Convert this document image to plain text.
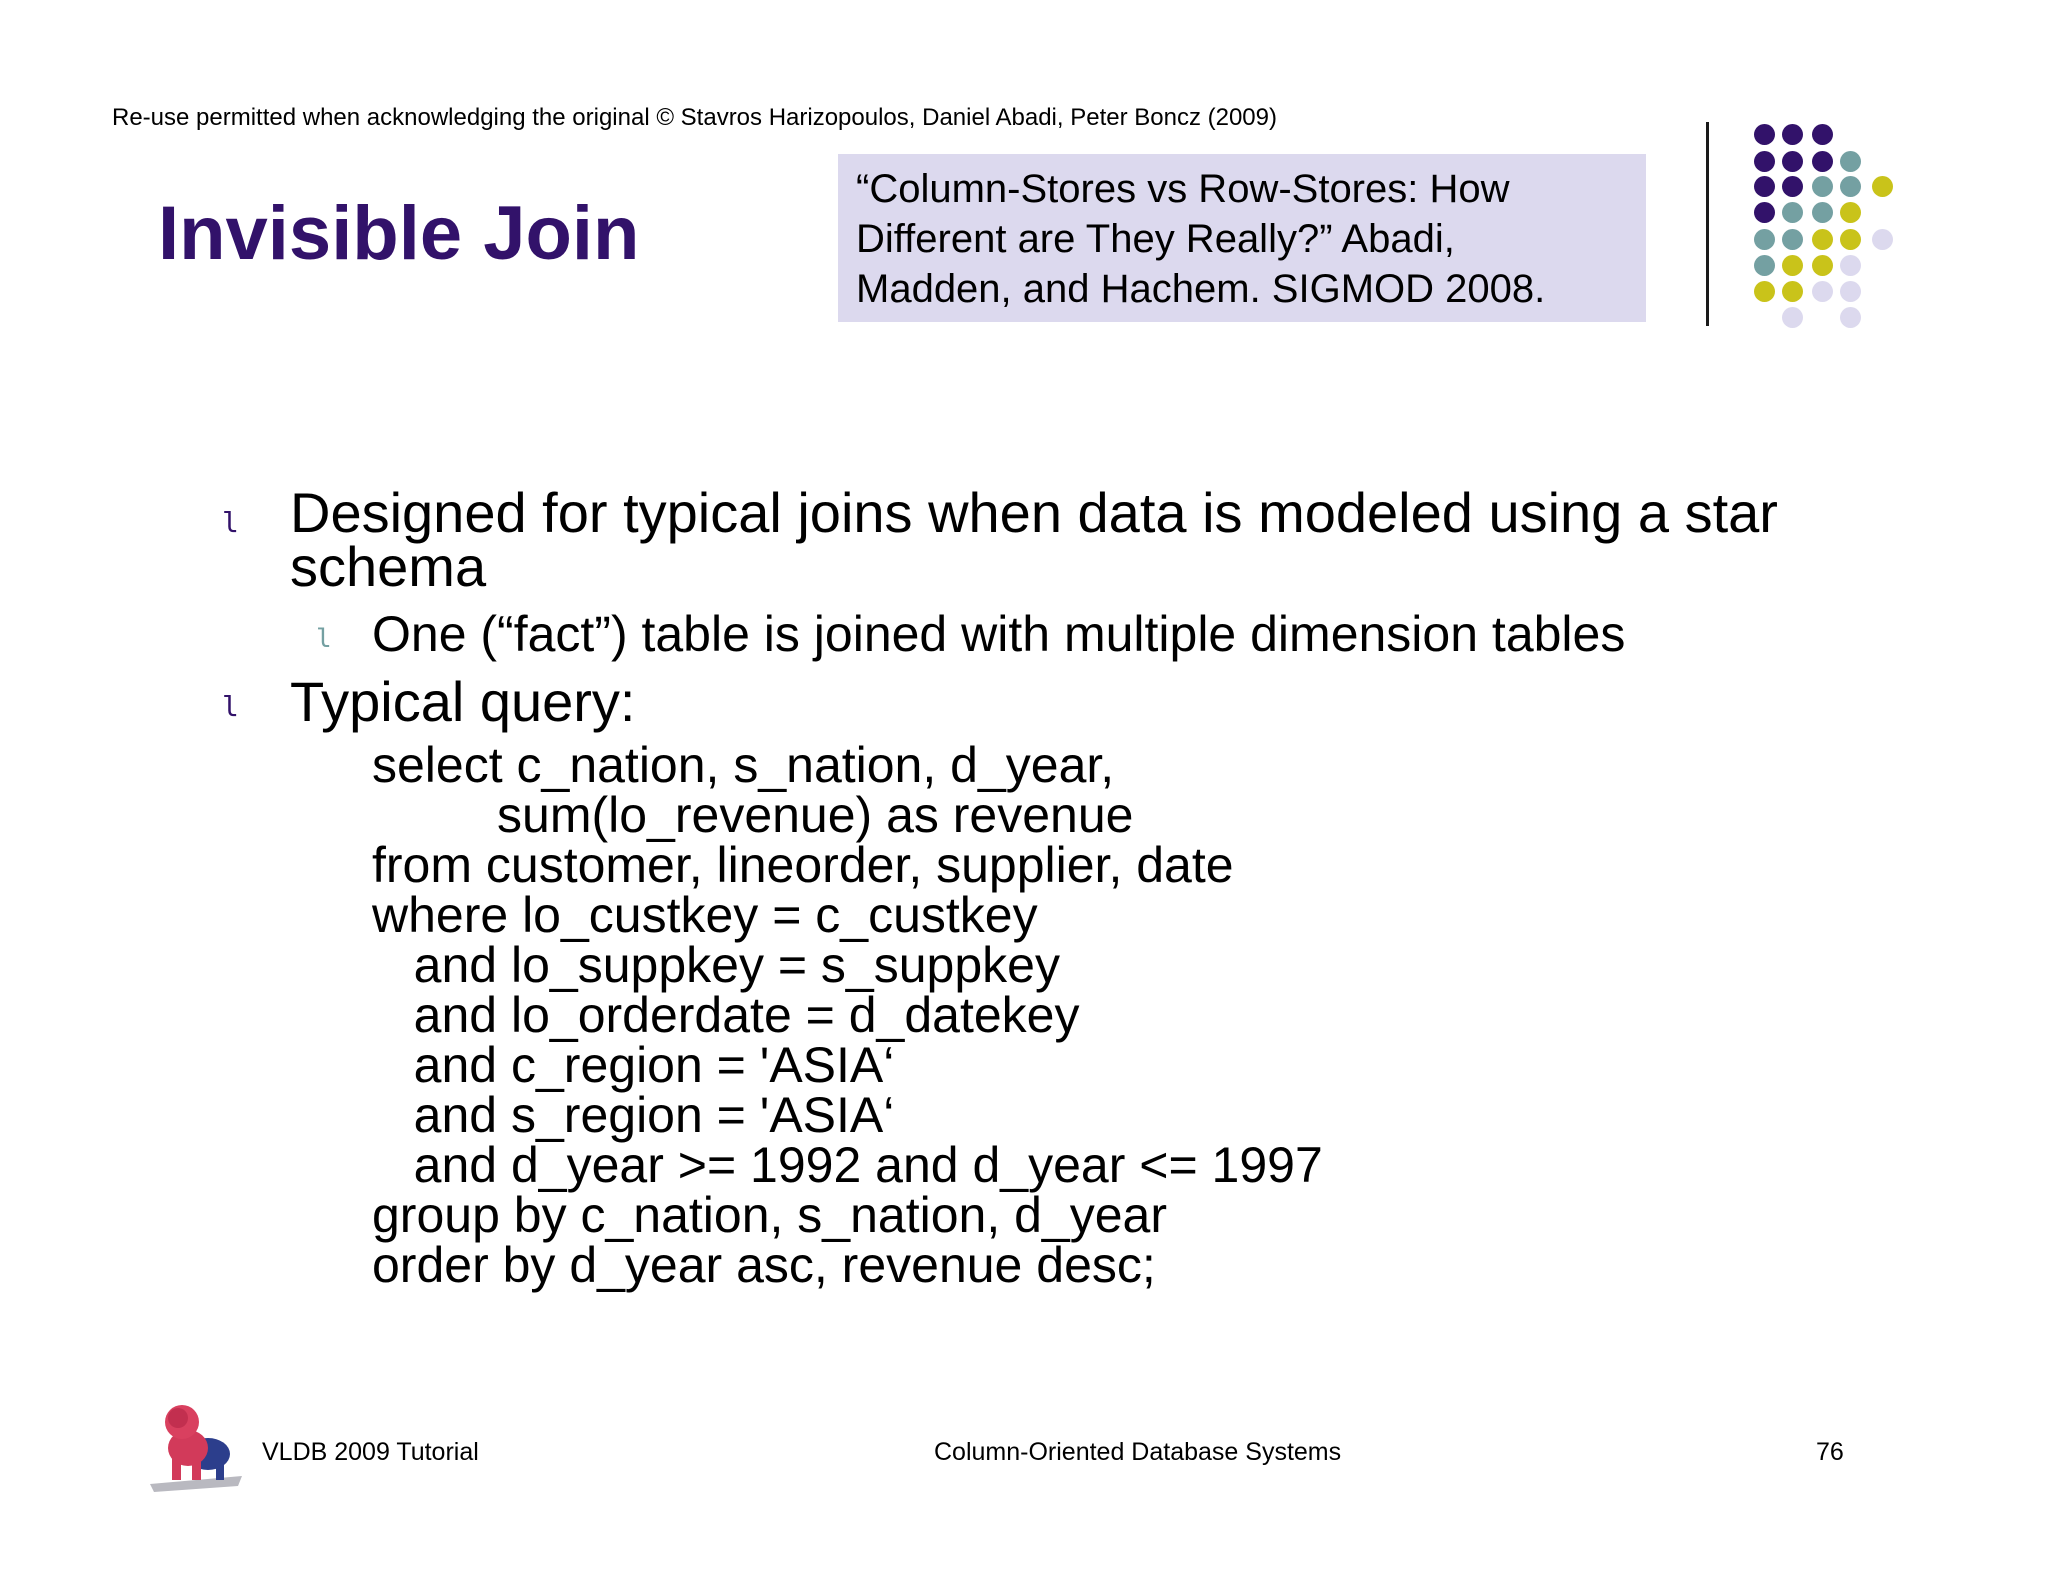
Re-use permitted when acknowledging the original © Stavros Harizopoulos, Daniel Abadi, Peter Boncz (2009)
Invisible Join
“Column-Stores vs Row-Stores: How
Different are They Really?” Abadi,
Madden, and Hachem. SIGMOD 2008.
l Designed for typical joins when data is modeled using a star
schema
l One (“fact”) table is joined with multiple dimension tables
l Typical query:
select c_nation, s_nation, d_year,
sum(lo_revenue) as revenue
from customer, lineorder, supplier, date
where lo_custkey = c_custkey
and lo_suppkey = s_suppkey
and lo_orderdate = d_datekey
and c_region = 'ASIA‘
and s_region = 'ASIA‘
and d_year >= 1992 and d_year <= 1997
group by c_nation, s_nation, d_year
order by d_year asc, revenue desc;
VLDB 2009 Tutorial	Column-Oriented Database Systems	76
